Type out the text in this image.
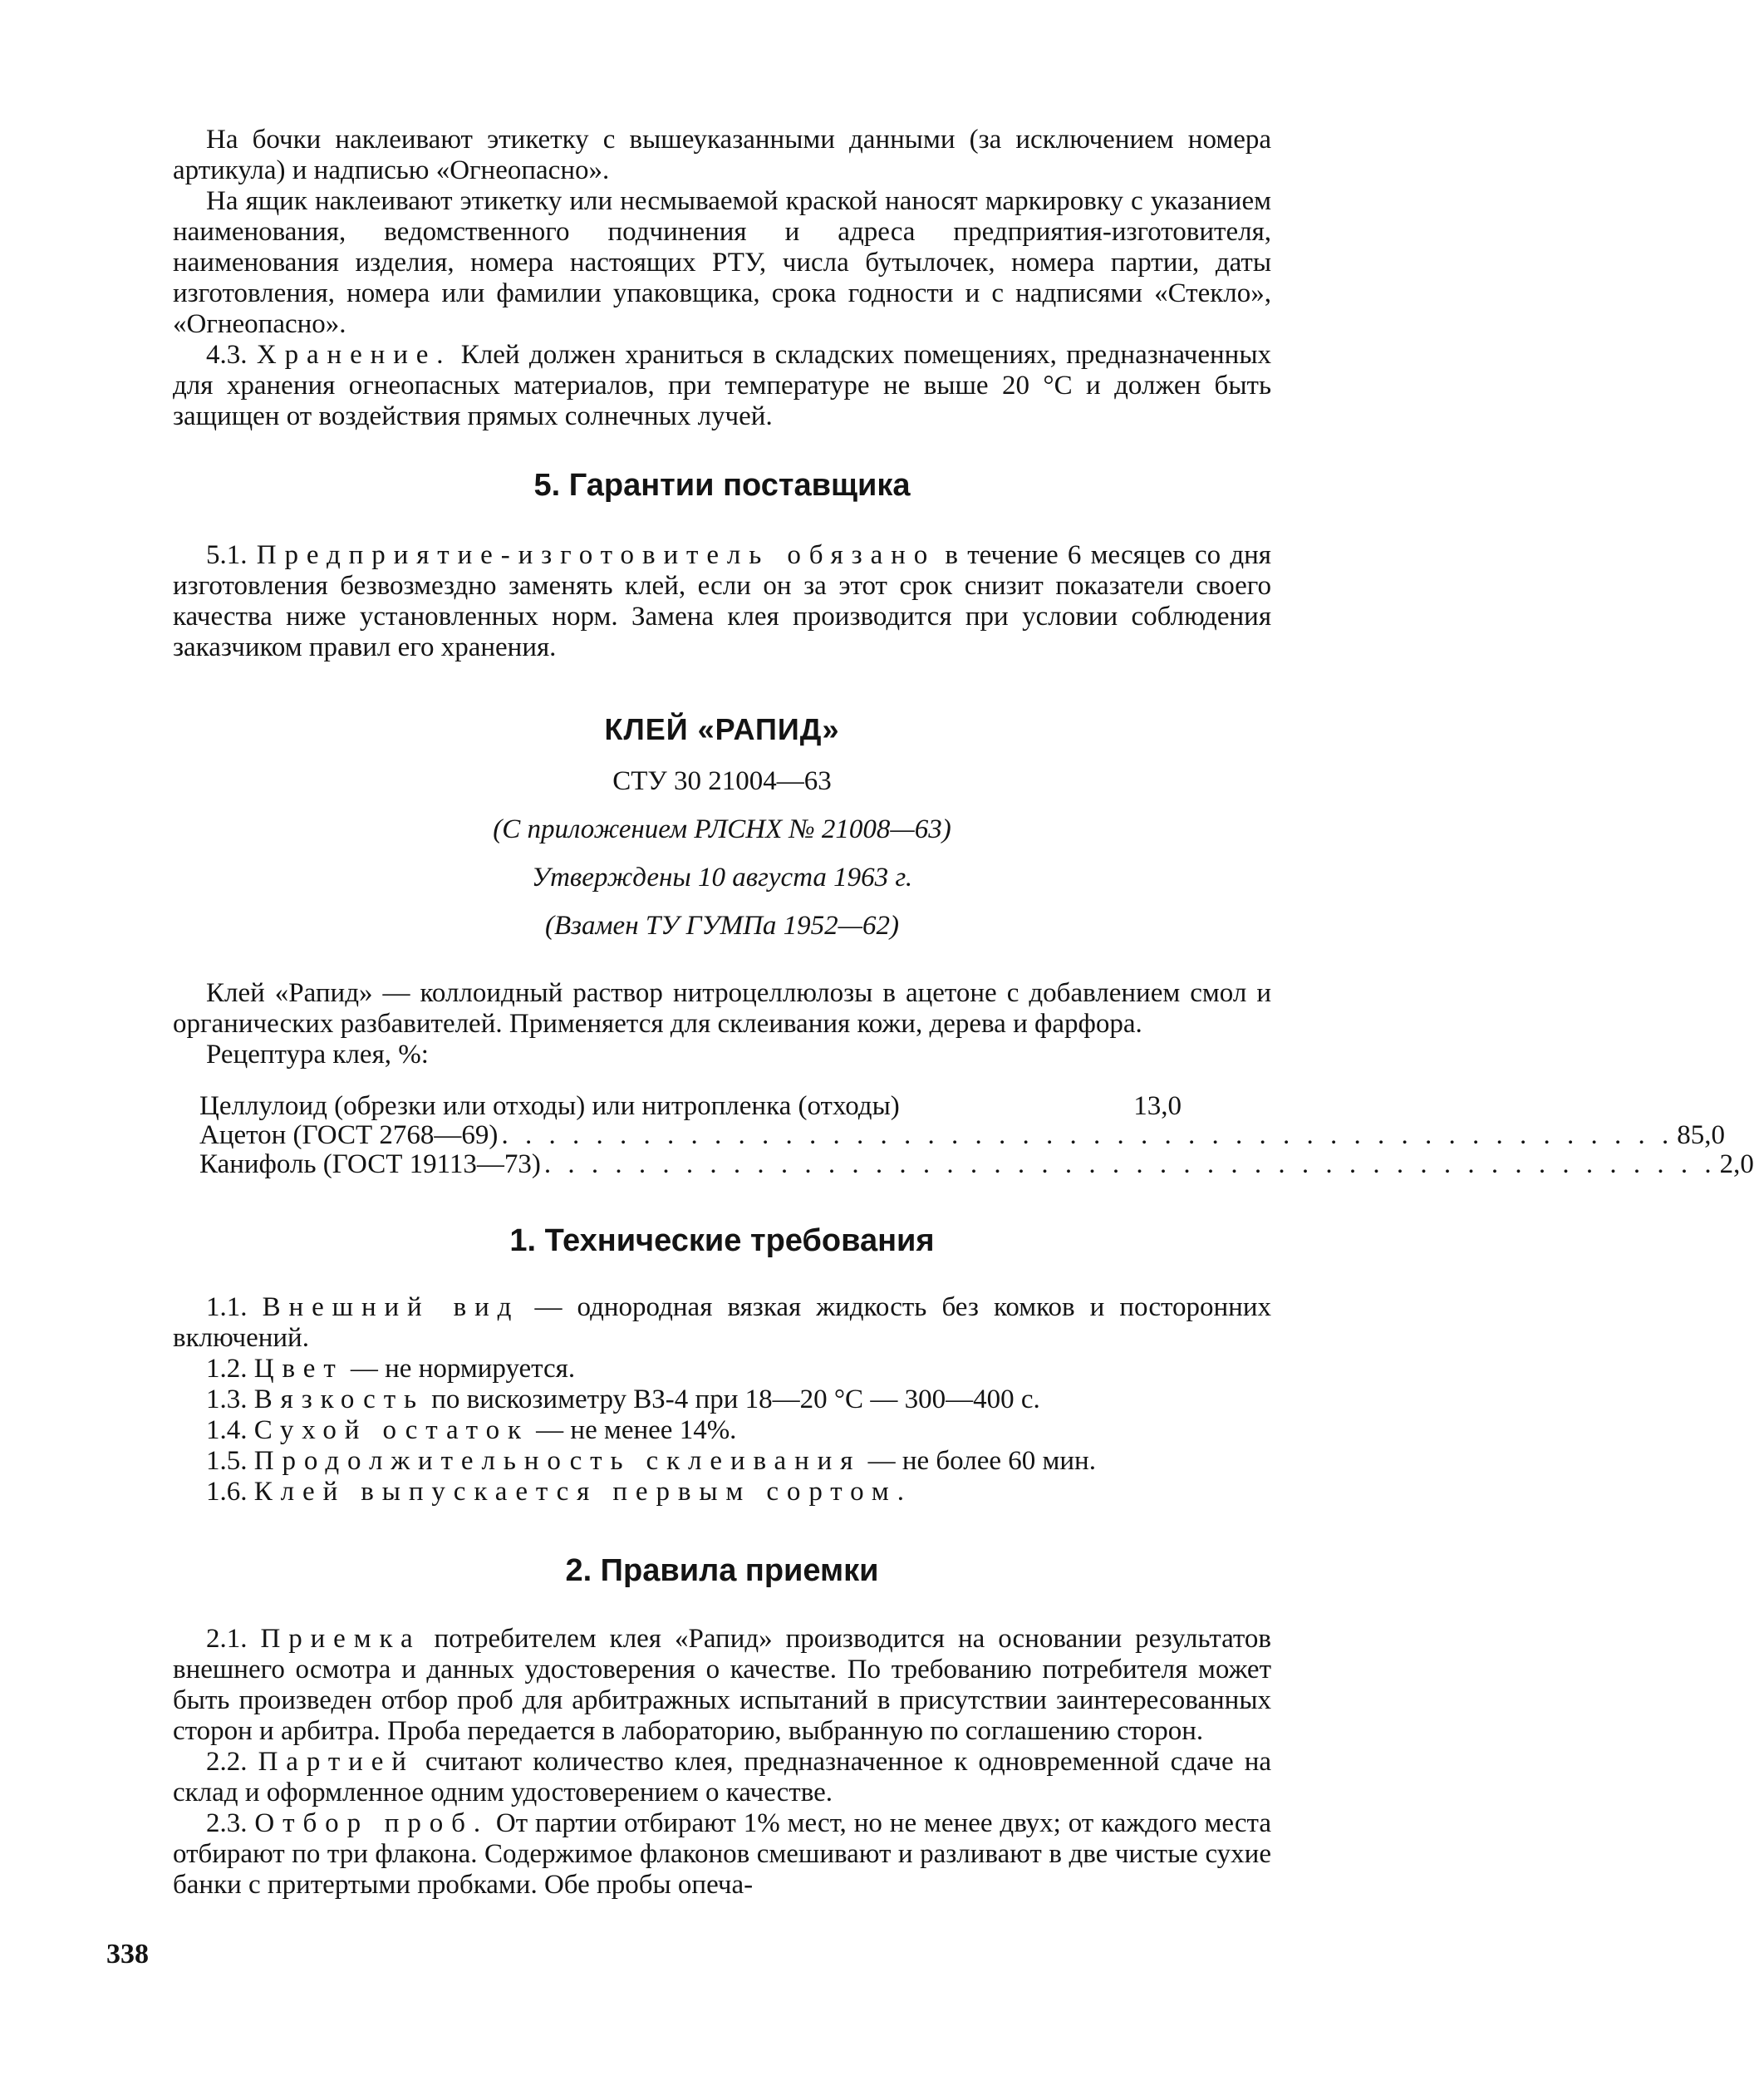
На бочки наклеивают этикетку с вышеуказанными данными (за исключением номера артикула) и надписью «Огнеопасно».

На ящик наклеивают этикетку или несмываемой краской наносят маркировку с указанием наименования, ведомственного подчинения и адреса предприятия-изготовителя, наименования изделия, номера настоящих РТУ, числа бутылочек, номера партии, даты изготовления, номера или фамилии упаковщика, срока годности и с надписями «Стекло», «Огнеопасно».

4.3. Хранение. Клей должен храниться в складских помещениях, предназначенных для хранения огнеопасных материалов, при температуре не выше 20 °С и должен быть защищен от воздействия прямых солнечных лучей.

5. Гарантии поставщика

5.1. Предприятие-изготовитель обязано в течение 6 месяцев со дня изготовления безвозмездно заменять клей, если он за этот срок снизит показатели своего качества ниже установленных норм. Замена клея производится при условии соблюдения заказчиком правил его хранения.

КЛЕЙ «РАПИД»
СТУ 30 21004—63
(С приложением РЛСНХ № 21008—63)
Утверждены 10 августа 1963 г.
(Взамен ТУ ГУМПа 1952—62)

Клей «Рапид» — коллоидный раствор нитроцеллюлозы в ацетоне с добавлением смол и органических разбавителей. Применяется для склеивания кожи, дерева и фарфора.

Рецептура клея, %:

Целлулоид (обрезки или отходы) или нитропленка (отходы)	13,0
Ацетон (ГОСТ 2768—69) . . . . . . . . . . . . . . . . . . . . . . . . . . . . . . . . . . . . . . . . . . . . . . . . . . 85,0
Канифоль (ГОСТ 19113—73) . . . . . . . . . . . . . . . . . . . . . . . . . . . . . . . . . . . . . . . . . . . . . . . . . . 2,0
1. Технические требования

1.1. Внешний вид — однородная вязкая жидкость без комков и посторонних включений.

1.2. Цвет — не нормируется.

1.3. Вязкость по вискозиметру ВЗ-4 при 18—20 °С — 300—400 с.

1.4. Сухой остаток — не менее 14%.

1.5. Продолжительность склеивания — не более 60 мин.

1.6. Клей выпускается первым сортом.

2. Правила приемки

2.1. Приемка потребителем клея «Рапид» производится на основании результатов внешнего осмотра и данных удостоверения о качестве. По требованию потребителя может быть произведен отбор проб для арбитражных испытаний в присутствии заинтересованных сторон и арбитра. Проба передается в лабораторию, выбранную по соглашению сторон.

2.2. Партией считают количество клея, предназначенное к одновременной сдаче на склад и оформленное одним удостоверением о качестве.

2.3. Отбор проб. От партии отбирают 1% мест, но не менее двух; от каждого места отбирают по три флакона. Содержимое флаконов смешивают и разливают в две чистые сухие банки с притертыми пробками. Обе пробы опеча-

338
